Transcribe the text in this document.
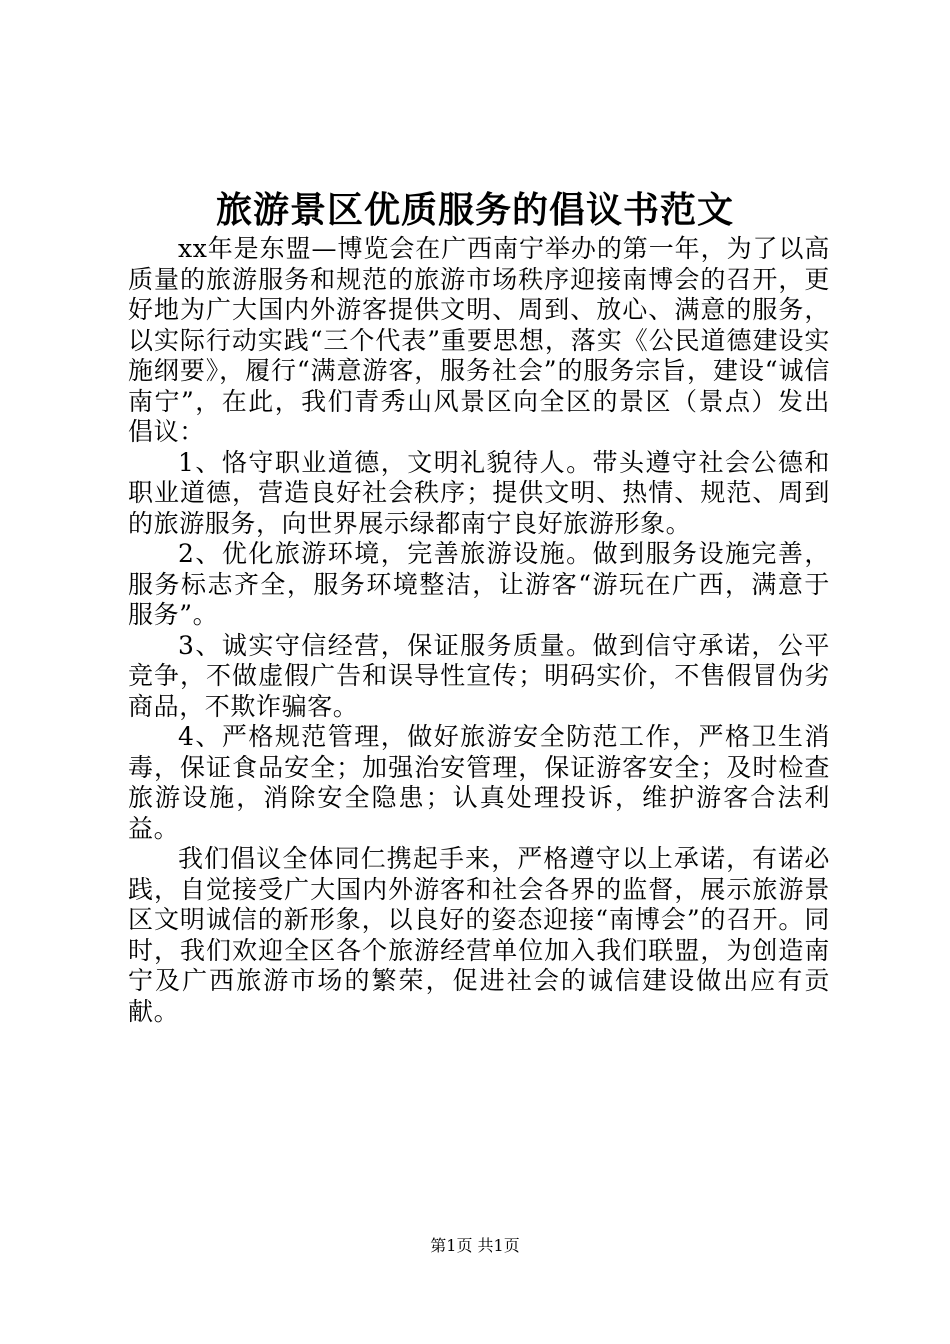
旅游景区优质服务的倡议书范文

xx年是东盟—博览会在广西南宁举办的第一年，为了以高质量的旅游服务和规范的旅游市场秩序迎接南博会的召开，更好地为广大国内外游客提供文明、周到、放心、满意的服务，以实际行动实践“三个代表”重要思想，落实《公民道德建设实施纲要》，履行“满意游客，服务社会”的服务宗旨，建设“诚信南宁”，在此，我们青秀山风景区向全区的景区（景点）发出倡议：

1、恪守职业道德，文明礼貌待人。带头遵守社会公德和职业道德，营造良好社会秩序；提供文明、热情、规范、周到的旅游服务，向世界展示绿都南宁良好旅游形象。

2、优化旅游环境，完善旅游设施。做到服务设施完善，服务标志齐全，服务环境整洁，让游客“游玩在广西，满意于服务”。

3、诚实守信经营，保证服务质量。做到信守承诺，公平竞争，不做虚假广告和误导性宣传；明码实价，不售假冒伪劣商品，不欺诈骗客。

4、严格规范管理，做好旅游安全防范工作，严格卫生消毒，保证食品安全；加强治安管理，保证游客安全；及时检查旅游设施，消除安全隐患；认真处理投诉，维护游客合法利益。

我们倡议全体同仁携起手来，严格遵守以上承诺，有诺必践，自觉接受广大国内外游客和社会各界的监督，展示旅游景区文明诚信的新形象，以良好的姿态迎接“南博会”的召开。同时，我们欢迎全区各个旅游经营单位加入我们联盟，为创造南宁及广西旅游市场的繁荣，促进社会的诚信建设做出应有贡献。

第1页 共1页
